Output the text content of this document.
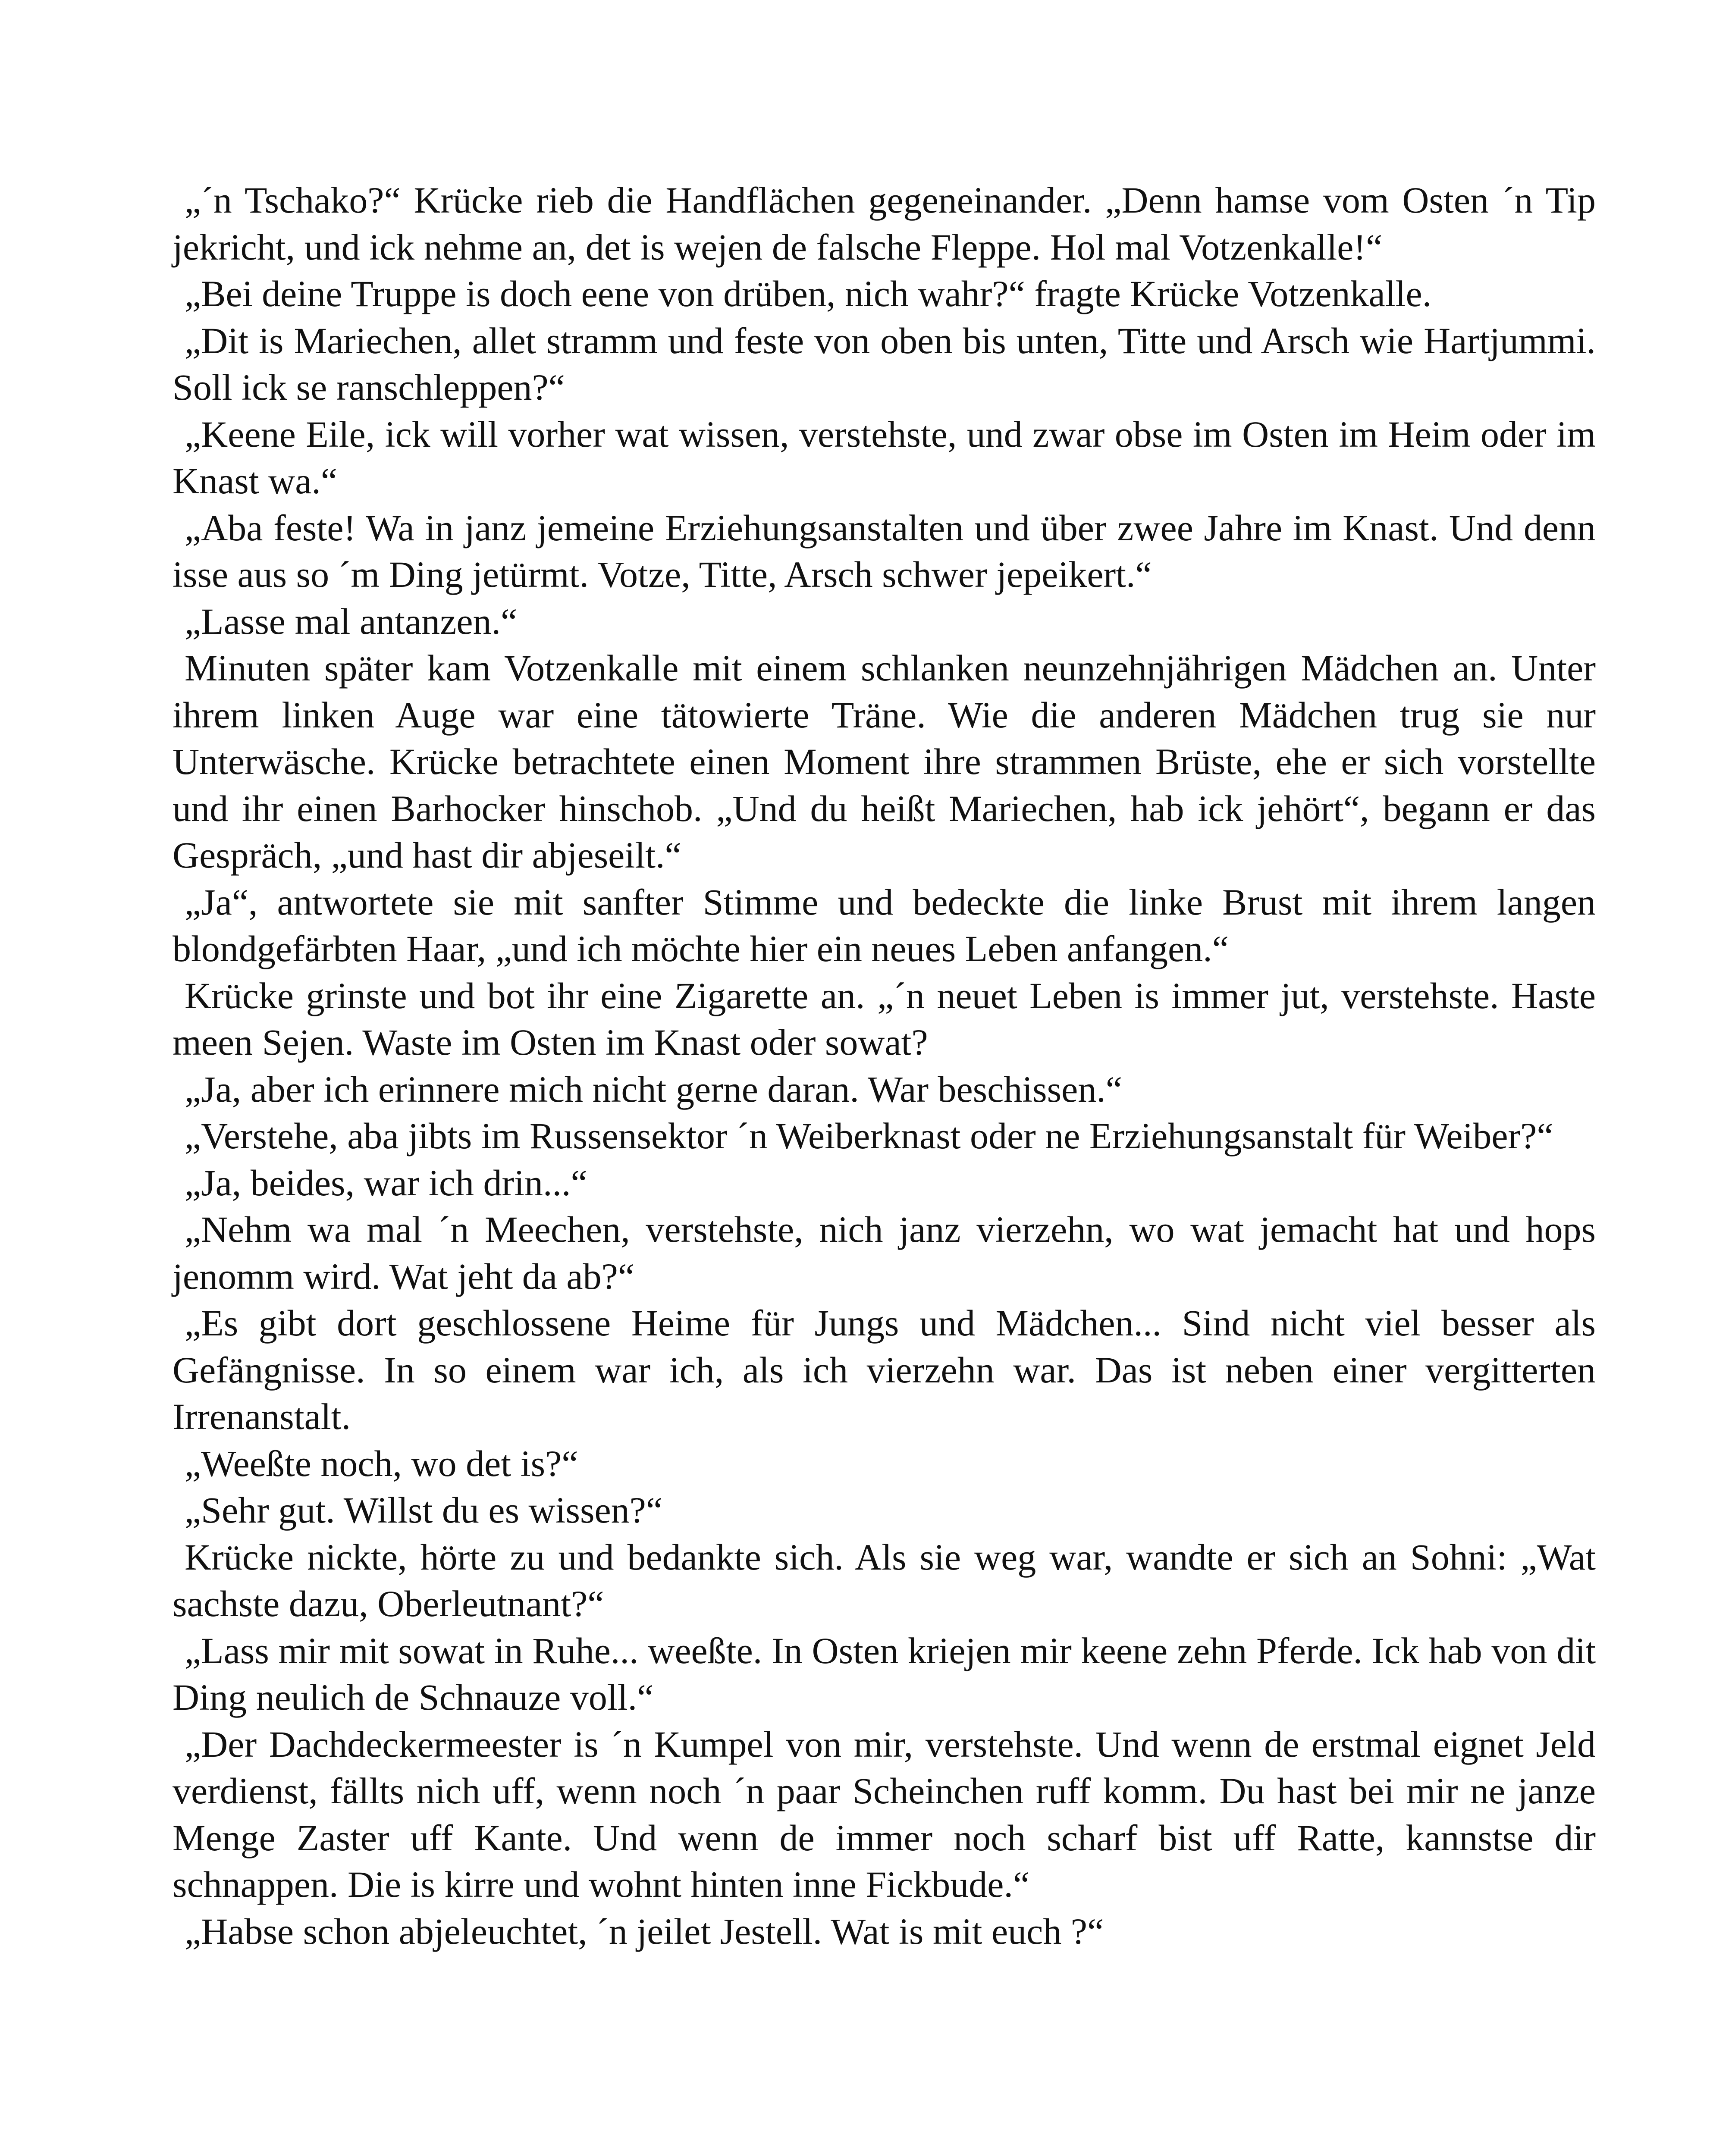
„´n Tschako?“ Krücke rieb die Handflächen gegeneinander. „Denn hamse vom Osten ´n Tip jekricht, und ick nehme an, det is wejen de falsche Fleppe. Hol mal Votzenkalle!“

„Bei deine Truppe is doch eene von drüben, nich wahr?“ fragte Krücke Votzenkalle.

„Dit is Mariechen, allet stramm und feste von oben bis unten, Titte und Arsch wie Hartjummi. Soll ick se ranschleppen?“

„Keene Eile, ick will vorher wat wissen, verstehste, und zwar obse im Osten im Heim oder im Knast wa.“

„Aba feste! Wa in janz jemeine Erziehungsanstalten und über zwee Jahre im Knast. Und denn isse aus so ´m Ding jetürmt. Votze, Titte, Arsch schwer jepeikert.“

„Lasse mal antanzen.“

Minuten später kam Votzenkalle mit einem schlanken neunzehnjährigen Mädchen an. Unter ihrem linken Auge war eine tätowierte Träne. Wie die anderen Mädchen trug sie nur Unterwäsche. Krücke betrachtete einen Moment ihre strammen Brüste, ehe er sich vorstellte und ihr einen Barhocker hinschob. „Und du heißt Mariechen, hab ick jehört“, begann er das Gespräch, „und hast dir abjeseilt.“

„Ja“, antwortete sie mit sanfter Stimme und bedeckte die linke Brust mit ihrem langen blondgefärbten Haar, „und ich möchte hier ein neues Leben anfangen.“

Krücke grinste und bot ihr eine Zigarette an. „´n neuet Leben is immer jut, verstehste. Haste meen Sejen. Waste im Osten im Knast oder sowat?

„Ja, aber ich erinnere mich nicht gerne daran. War beschissen.“

„Verstehe, aba jibts im Russensektor ´n Weiberknast oder ne Erziehungsanstalt für Weiber?“

„Ja, beides, war ich drin...“

„Nehm wa mal ´n Meechen, verstehste, nich janz vierzehn, wo wat jemacht hat und hops jenomm wird. Wat jeht da ab?“

„Es gibt dort geschlossene Heime für Jungs und Mädchen... Sind nicht viel besser als Gefängnisse. In so einem war ich, als ich vierzehn war. Das ist neben einer vergitterten Irrenanstalt.

„Weeßte noch, wo det is?“

„Sehr gut. Willst du es wissen?“

Krücke nickte, hörte zu und bedankte sich. Als sie weg war, wandte er sich an Sohni: „Wat sachste dazu, Oberleutnant?“

„Lass mir mit sowat in Ruhe... weeßte. In Osten kriejen mir keene zehn Pferde. Ick hab von dit Ding neulich de Schnauze voll.“

„Der Dachdeckermeester is ´n Kumpel von mir, verstehste. Und wenn de erstmal eignet Jeld verdienst, fällts nich uff, wenn noch ´n paar Scheinchen ruff komm. Du hast bei mir ne janze Menge Zaster uff Kante. Und wenn de immer noch scharf bist uff Ratte, kannstse dir schnappen. Die is kirre und wohnt hinten inne Fickbude.“

„Habse schon abjeleuchtet, ´n jeilet Jestell. Wat is mit euch ?“
